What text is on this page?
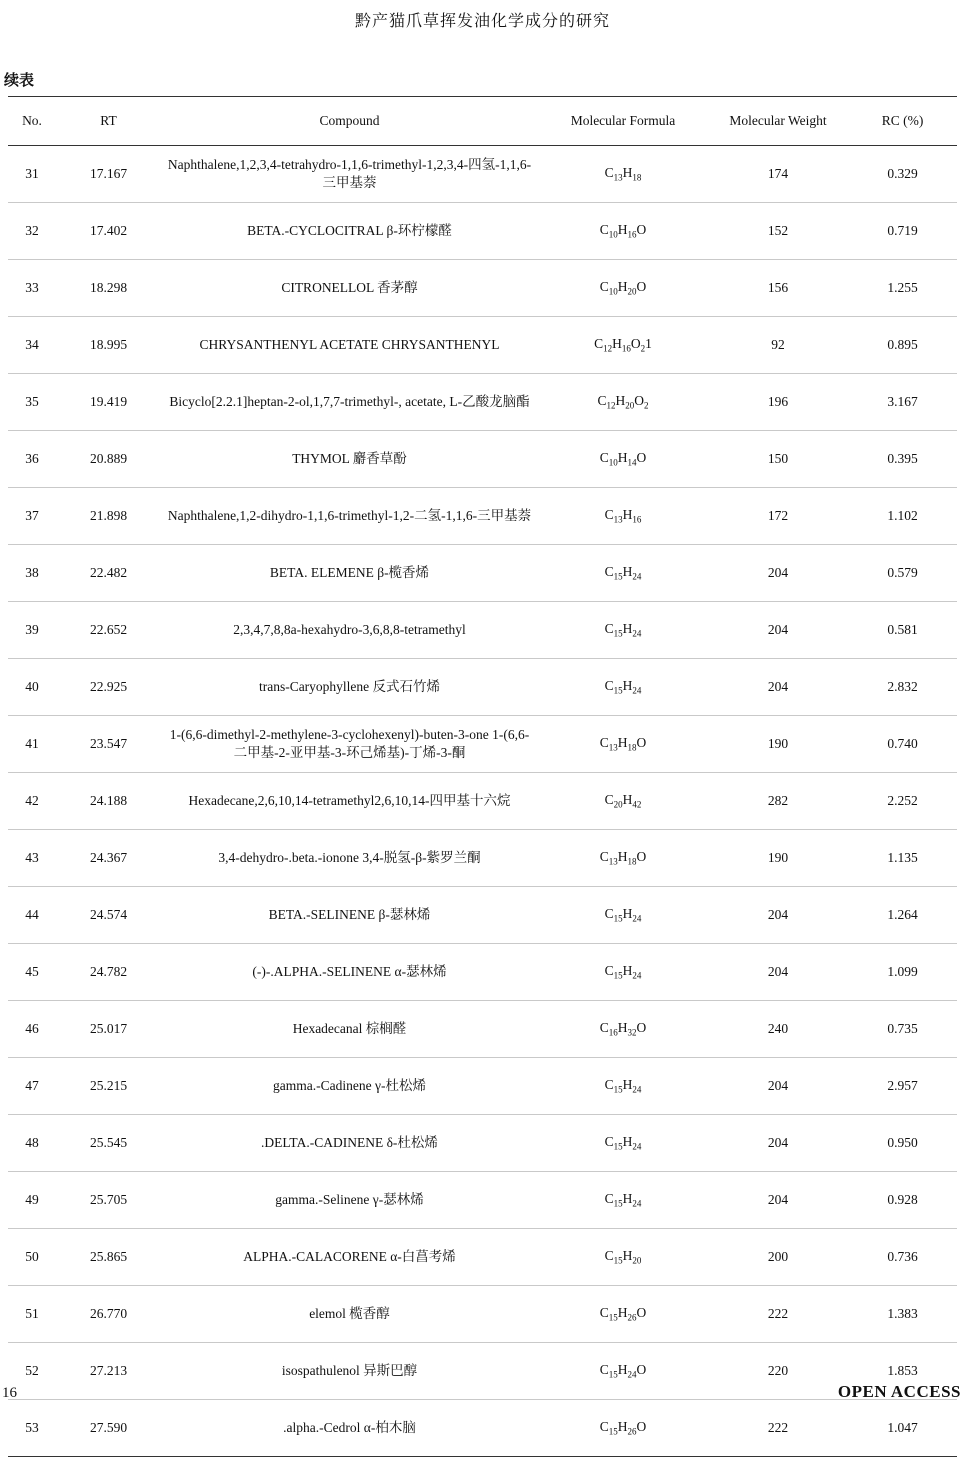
黔产猫爪草挥发油化学成分的研究
续表
No.	RT	Compound	Molecular Formula	Molecular Weight	RC (%)
31	17.167	Naphthalene,1,2,3,4-tetrahydro-1,1,6-trimethyl-1,2,3,4-四氢-1,1,6-三甲基萘	$C_{13}H_{18}$	174	0.329
32	17.402	BETA.-CYCLOCITRAL β-环柠檬醛	$C_{10}H_{16}O$	152	0.719
33	18.298	CITRONELLOL 香茅醇	$C_{10}H_{20}O$	156	1.255
34	18.995	CHRYSANTHENYL ACETATE CHRYSANTHENYL	$C_{12}H_{16}O_21$	92	0.895
35	19.419	Bicyclo[2.2.1]heptan-2-ol,1,7,7-trimethyl-, acetate, L-乙酸龙脑酯	$C_{12}H_{20}O_2$	196	3.167
36	20.889	THYMOL 麝香草酚	$C_{10}H_{14}O$	150	0.395
37	21.898	Naphthalene,1,2-dihydro-1,1,6-trimethyl-1,2-二氢-1,1,6-三甲基萘	$C_{13}H_{16}$	172	1.102
38	22.482	BETA. ELEMENE β-榄香烯	$C_{15}H_{24}$	204	0.579
39	22.652	2,3,4,7,8,8a-hexahydro-3,6,8,8-tetramethyl	$C_{15}H_{24}$	204	0.581
40	22.925	trans-Caryophyllene 反式石竹烯	$C_{15}H_{24}$	204	2.832
41	23.547	1-(6,6-dimethyl-2-methylene-3-cyclohexenyl)-buten-3-one 1-(6,6-二甲基-2-亚甲基-3-环己烯基)-丁烯-3-酮	$C_{13}H_{18}O$	190	0.740
42	24.188	Hexadecane,2,6,10,14-tetramethyl2,6,10,14-四甲基十六烷	$C_{20}H_{42}$	282	2.252
43	24.367	3,4-dehydro-.beta.-ionone 3,4-脱氢-β-紫罗兰酮	$C_{13}H_{18}O$	190	1.135
44	24.574	BETA.-SELINENE β-瑟林烯	$C_{15}H_{24}$	204	1.264
45	24.782	(-)-.ALPHA.-SELINENE α-瑟林烯	$C_{15}H_{24}$	204	1.099
46	25.017	Hexadecanal 棕榈醛	$C_{16}H_{32}O$	240	0.735
47	25.215	gamma.-Cadinene γ-杜松烯	$C_{15}H_{24}$	204	2.957
48	25.545	.DELTA.-CADINENE δ-杜松烯	$C_{15}H_{24}$	204	0.950
49	25.705	gamma.-Selinene γ-瑟林烯	$C_{15}H_{24}$	204	0.928
50	25.865	ALPHA.-CALACORENE α-白菖考烯	$C_{15}H_{20}$	200	0.736
51	26.770	elemol 榄香醇	$C_{15}H_{26}O$	222	1.383
52	27.213	isospathulenol 异斯巴醇	$C_{15}H_{24}O$	220	1.853
53	27.590	.alpha.-Cedrol α-柏木脑	$C_{15}H_{26}O$	222	1.047
16	OPEN ACCESS
